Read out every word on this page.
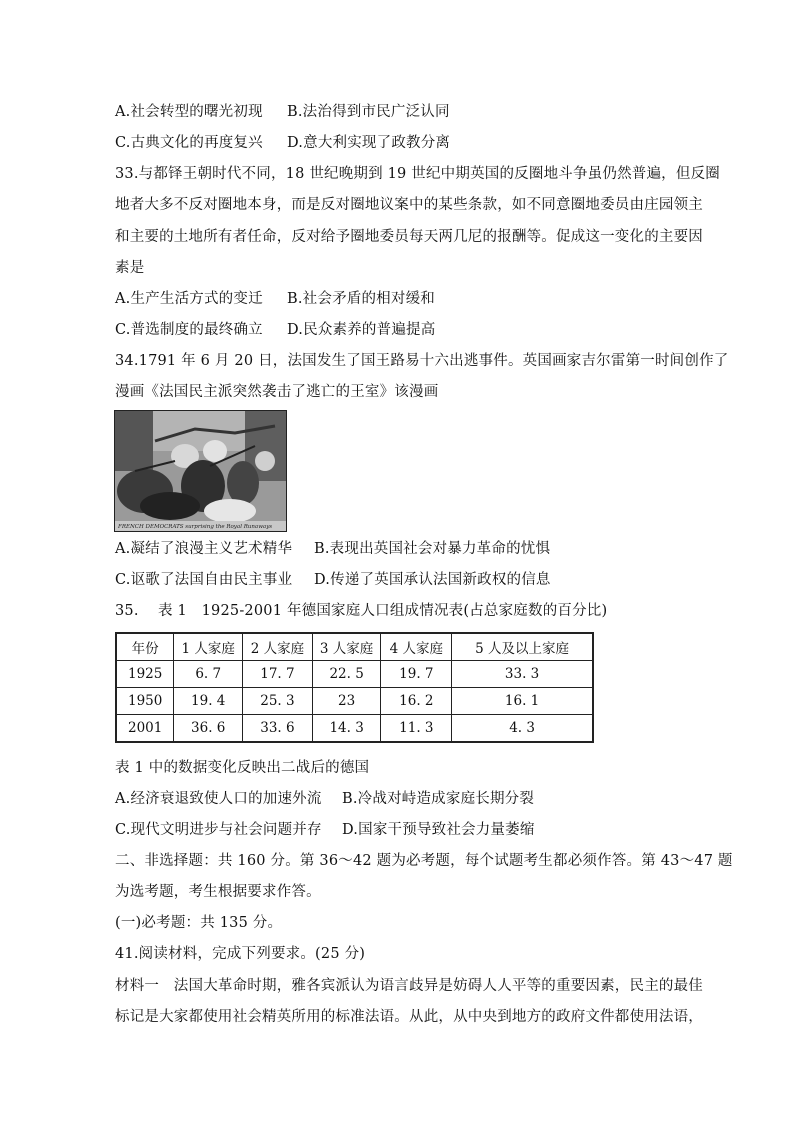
A.社会转型的曙光初现 B.法治得到市民广泛认同
C.古典文化的再度复兴 D.意大利实现了政教分离
33.与都铎王朝时代不同，18 世纪晚期到 19 世纪中期英国的反圈地斗争虽仍然普遍，但反圈
地者大多不反对圈地本身，而是反对圈地议案中的某些条款，如不同意圈地委员由庄园领主
和主要的土地所有者任命，反对给予圈地委员每天两几尼的报酬等。促成这一变化的主要因
素是
A.生产生活方式的变迁 B.社会矛盾的相对缓和
C.普选制度的最终确立 D.民众素养的普遍提高
34.1791 年 6 月 20 日，法国发生了国王路易十六出逃事件。英国画家吉尔雷第一时间创作了
漫画《法国民主派突然袭击了逃亡的王室》该漫画
FRENCH DEMOCRATS surprising the Royal Runaways
A.凝结了浪漫主义艺术精华 B.表现出英国社会对暴力革命的忧惧
C.讴歌了法国自由民主事业 D.传递了英国承认法国新政权的信息
35. 表 1　1925-2001 年德国家庭人口组成情况表(占总家庭数的百分比)
年份	1 人家庭	2 人家庭	3 人家庭	4 人家庭	5 人及以上家庭
1925	6. 7	17. 7	22. 5	19. 7	33. 3
1950	19. 4	25. 3	23	16. 2	16. 1
2001	36. 6	33. 6	14. 3	11. 3	4. 3
表 1 中的数据变化反映出二战后的德国
A.经济衰退致使人口的加速外流 B.冷战对峙造成家庭长期分裂
C.现代文明进步与社会问题并存 D.国家干预导致社会力量萎缩
二、非选择题：共 160 分。第 36～42 题为必考题，每个试题考生都必须作答。第 43～47 题
为选考题，考生根据要求作答。
(一)必考题：共 135 分。
41.阅读材料，完成下列要求。(25 分)
材料一　法国大革命时期，雅各宾派认为语言歧异是妨碍人人平等的重要因素，民主的最佳
标记是大家都使用社会精英所用的标准法语。从此，从中央到地方的政府文件都使用法语，
